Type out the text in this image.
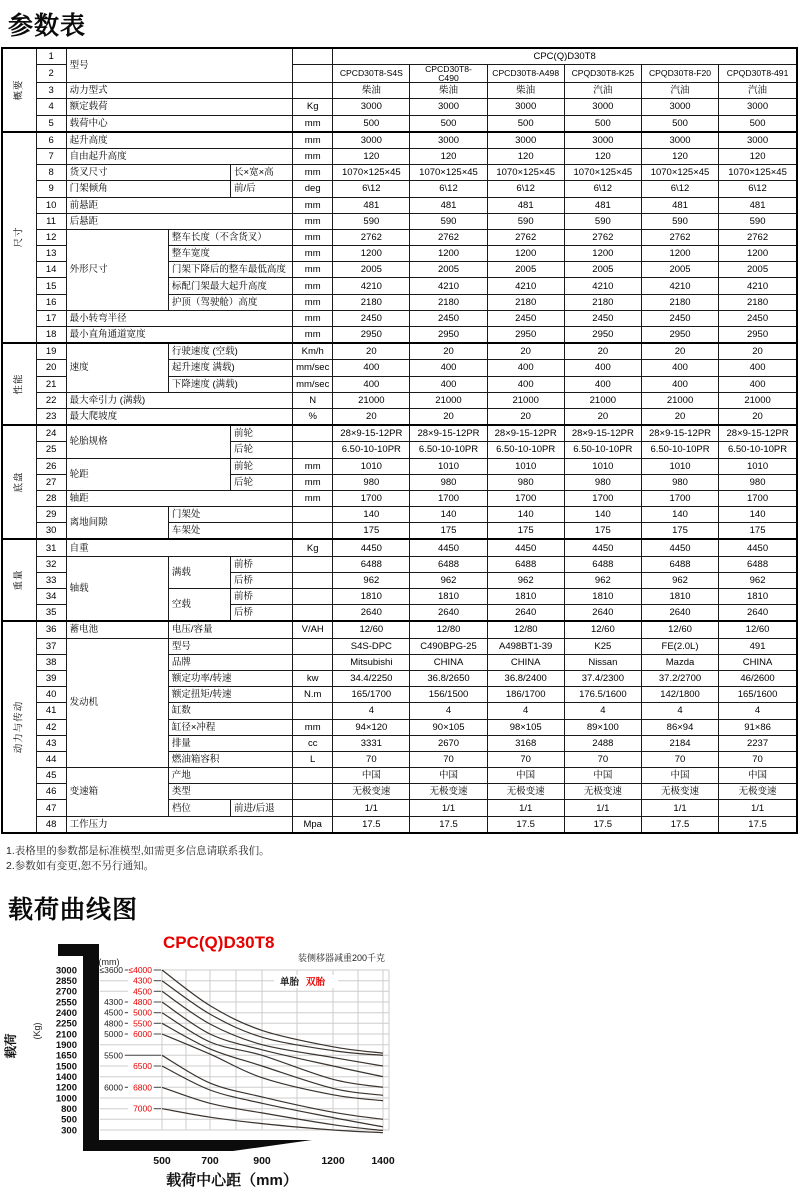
参数表
概要	1	型号				CPC(Q)D30T8					
	2					CPCD30T8-S4S	CPCD30T8-C490	CPCD30T8-A498	CPQD30T8-K25	CPQD30T8-F20	CPQD30T8-491
	3	动力型式				柴油	柴油	柴油	汽油	汽油	汽油
	4	额定载荷			Kg	3000	3000	3000	3000	3000	3000
	5	载荷中心			mm	500	500	500	500	500	500

尺寸	6	起升高度			mm	3000	3000	3000	3000	3000	3000
	7	自由起升高度			mm	120	120	120	120	120	120
	8	货叉尺寸		长×宽×高	mm	1070×125×45	1070×125×45	1070×125×45	1070×125×45	1070×125×45	1070×125×45
	9	门架倾角		前/后	deg	6\12	6\12	6\12	6\12	6\12	6\12
	10	前悬距			mm	481	481	481	481	481	481
	11	后悬距			mm	590	590	590	590	590	590
	12	外形尺寸	整车长度（不含货叉）		mm	2762	2762	2762	2762	2762	2762
	13		整车宽度		mm	1200	1200	1200	1200	1200	1200
	14		门架下降后的整车最低高度		mm	2005	2005	2005	2005	2005	2005
	15		标配门架最大起升高度		mm	4210	4210	4210	4210	4210	4210
	16		护顶（驾驶舱）高度		mm	2180	2180	2180	2180	2180	2180
	17	最小转弯半径			mm	2450	2450	2450	2450	2450	2450
	18	最小直角通道宽度			mm	2950	2950	2950	2950	2950	2950

性能	19	速度	行驶速度 (空载)		Km/h	20	20	20	20	20	20
	20		起升速度 满载)		mm/sec	400	400	400	400	400	400
	21		下降速度 (满载)		mm/sec	400	400	400	400	400	400
	22	最大牵引力 (满载)			N	21000	21000	21000	21000	21000	21000
	23	最大爬坡度			%	20	20	20	20	20	20

底盘	24	轮胎规格		前轮		28×9-15-12PR	28×9-15-12PR	28×9-15-12PR	28×9-15-12PR	28×9-15-12PR	28×9-15-12PR
	25			后轮		6.50-10-10PR	6.50-10-10PR	6.50-10-10PR	6.50-10-10PR	6.50-10-10PR	6.50-10-10PR
	26	轮距		前轮	mm	1010	1010	1010	1010	1010	1010
	27			后轮	mm	980	980	980	980	980	980
	28	轴距			mm	1700	1700	1700	1700	1700	1700
	29	离地间隙	门架处			140	140	140	140	140	140
	30		车架处			175	175	175	175	175	175

重量	31	自重			Kg	4450	4450	4450	4450	4450	4450
	32	轴载	满载	前桥		6488	6488	6488	6488	6488	6488
	33			后桥		962	962	962	962	962	962
	34		空载	前桥		1810	1810	1810	1810	1810	1810
	35			后桥		2640	2640	2640	2640	2640	2640

动力与传动	36	蓄电池	电压/容量		V/AH	12/60	12/80	12/80	12/60	12/60	12/60
	37	发动机	型号			S4S-DPC	C490BPG-25	A498BT1-39	K25	FE(2.0L)	491
	38		品牌			Mitsubishi	CHINA	CHINA	Nissan	Mazda	CHINA
	39		额定功率/转速		kw	34.4/2250	36.8/2650	36.8/2400	37.4/2300	37.2/2700	46/2600
	40		额定扭矩/转速		N.m	165/1700	156/1500	186/1700	176.5/1600	142/1800	165/1600
	41		缸数			4	4	4	4	4	4
	42		缸径×冲程		mm	94×120	90×105	98×105	89×100	86×94	91×86
	43		排量		cc	3331	2670	3168	2488	2184	2237
	44		燃油箱容积		L	70	70	70	70	70	70
	45	变速箱	产地			中国	中国	中国	中国	中国	中国
	46		类型			无极变速	无极变速	无极变速	无极变速	无极变速	无极变速
	47		档位	前进/后退		1/1	1/1	1/1	1/1	1/1	1/1
	48	工作压力			Mpa	17.5	17.5	17.5	17.5	17.5	17.5
1.表格里的参数都是标准模型,如需更多信息请联系我们。
2.参数如有变更,恕不另行通知。
载荷曲线图
≤3600 ≤4000
4300
4500
4300 4800
4500 5000
4800 5500
5000 6000
5500
6500
6000 6800
7000
(mm)
单胎 双胎
3000
2850
2700
2550
2400
2250
2100
1900
1650
1500
1400
1200
1000
800
500
300
(Kg)
载荷
CPC(Q)D30T8
装侧移器减重200千克
500	700	900	1200	1400
载荷中心距（mm）
